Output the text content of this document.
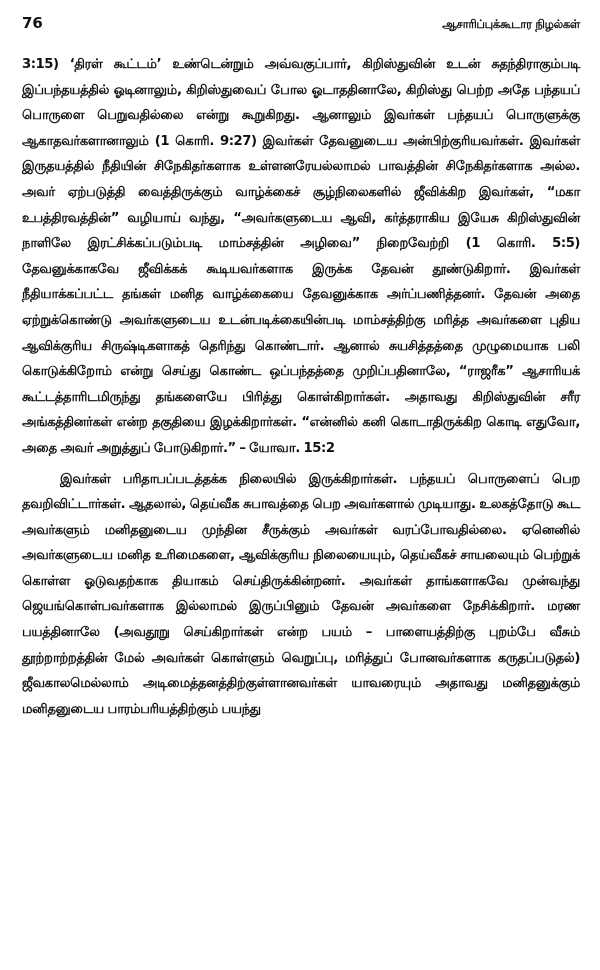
76	ஆசாரிப்புக்கூடார நிழல்கள்

3:15) ‘திரள் கூட்டம்’ உண்டென்றும் அவ்வகுப்பார், கிறிஸ்துவின் உடன் சுதந்திராகும்படி இப்பந்தயத்தில் ஓடினாலும், கிறிஸ்துவைப் போல ஓடாததினாலே, கிறிஸ்து பெற்ற அதே பந்தயப் பொருளை பெறுவதில்லை என்று கூறுகிறது. ஆனாலும் இவர்கள் பந்தயப் பொருளுக்கு ஆகாதவர்களானாலும் (1 கொரி. 9:27) இவர்கள் தேவனுடைய அன்பிற்குரியவர்கள். இவர்கள் இருதயத்தில் நீதியின் சிநேகிதர்களாக உள்ளனரேயல்லாமல் பாவத்தின் சிநேகிதர்களாக அல்ல. அவர் ஏற்படுத்தி வைத்திருக்கும் வாழ்க்கைச் சூழ்நிலைகளில் ஜீவிக்கிற இவர்கள், “மகா உபத்திரவத்தின்” வழியாய் வந்து, “அவர்களுடைய ஆவி, கர்த்தராகிய இயேசு கிறிஸ்துவின் நாளிலே இரட்சிக்கப்படும்படி மாம்சத்தின் அழிவை” நிறைவேற்றி (1 கொரி. 5:5) தேவனுக்காகவே ஜீவிக்கக் கூடியவர்களாக இருக்க தேவன் தூண்டுகிறார். இவர்கள் நீதியாக்கப்பட்ட தங்கள் மனித வாழ்க்கையை தேவனுக்காக அர்ப்பணித்தனர். தேவன் அதை ஏற்றுக்கொண்டு அவர்களுடைய உடன்படிக்கையின்படி மாம்சத்திற்கு மரித்த அவர்களை புதிய ஆவிக்குரிய சிருஷ்டிகளாகத் தெரிந்து கொண்டார். ஆனால் சுயசித்தத்தை முழுமையாக பலி கொடுக்கிறோம் என்று செய்து கொண்ட ஒப்பந்தத்தை முறிப்பதினாலே, “ராஜரீக” ஆசாரியக் கூட்டத்தாரிடமிருந்து தங்களையே பிரித்து கொள்கிறார்கள். அதாவது கிறிஸ்துவின் சரீர அங்கத்தினர்கள் என்ற தகுதியை இழக்கிறார்கள். “என்னில் கனி கொடாதிருக்கிற கொடி எதுவோ, அதை அவர் அறுத்துப் போடுகிறார்.” – யோவா. 15:2

இவர்கள் பரிதாபப்படத்தக்க நிலையில் இருக்கிறார்கள். பந்தயப் பொருளைப் பெற தவறிவிட்டார்கள். ஆதலால், தெய்வீக சுபாவத்தை பெற அவர்களால் முடியாது. உலகத்தோடு கூட அவர்களும் மனிதனுடைய முந்தின சீருக்கும் அவர்கள் வரப்போவதில்லை. ஏனெனில் அவர்களுடைய மனித உரிமைகளை, ஆவிக்குரிய நிலையையும், தெய்வீகச் சாயலையும் பெற்றுக் கொள்ள ஓடுவதற்காக தியாகம் செய்திருக்கின்றனர். அவர்கள் தாங்களாகவே முன்வந்து ஜெயங்கொள்பவர்களாக இல்லாமல் இருப்பினும் தேவன் அவர்களை நேசிக்கிறார். மரண பயத்தினாலே (அவதூறு செய்கிறார்கள் என்ற பயம் – பாளையத்திற்கு புறம்பே வீசும் தூற்றாற்றத்தின் மேல் அவர்கள் கொள்ளும் வெறுப்பு, மரித்துப் போனவர்களாக கருதப்படுதல்) ஜீவகாலமெல்லாம் அடிமைத்தனத்திற்குள்ளானவர்கள் யாவரையும் அதாவது மனிதனுக்கும் மனிதனுடைய பாரம்பரியத்திற்கும் பயந்து
